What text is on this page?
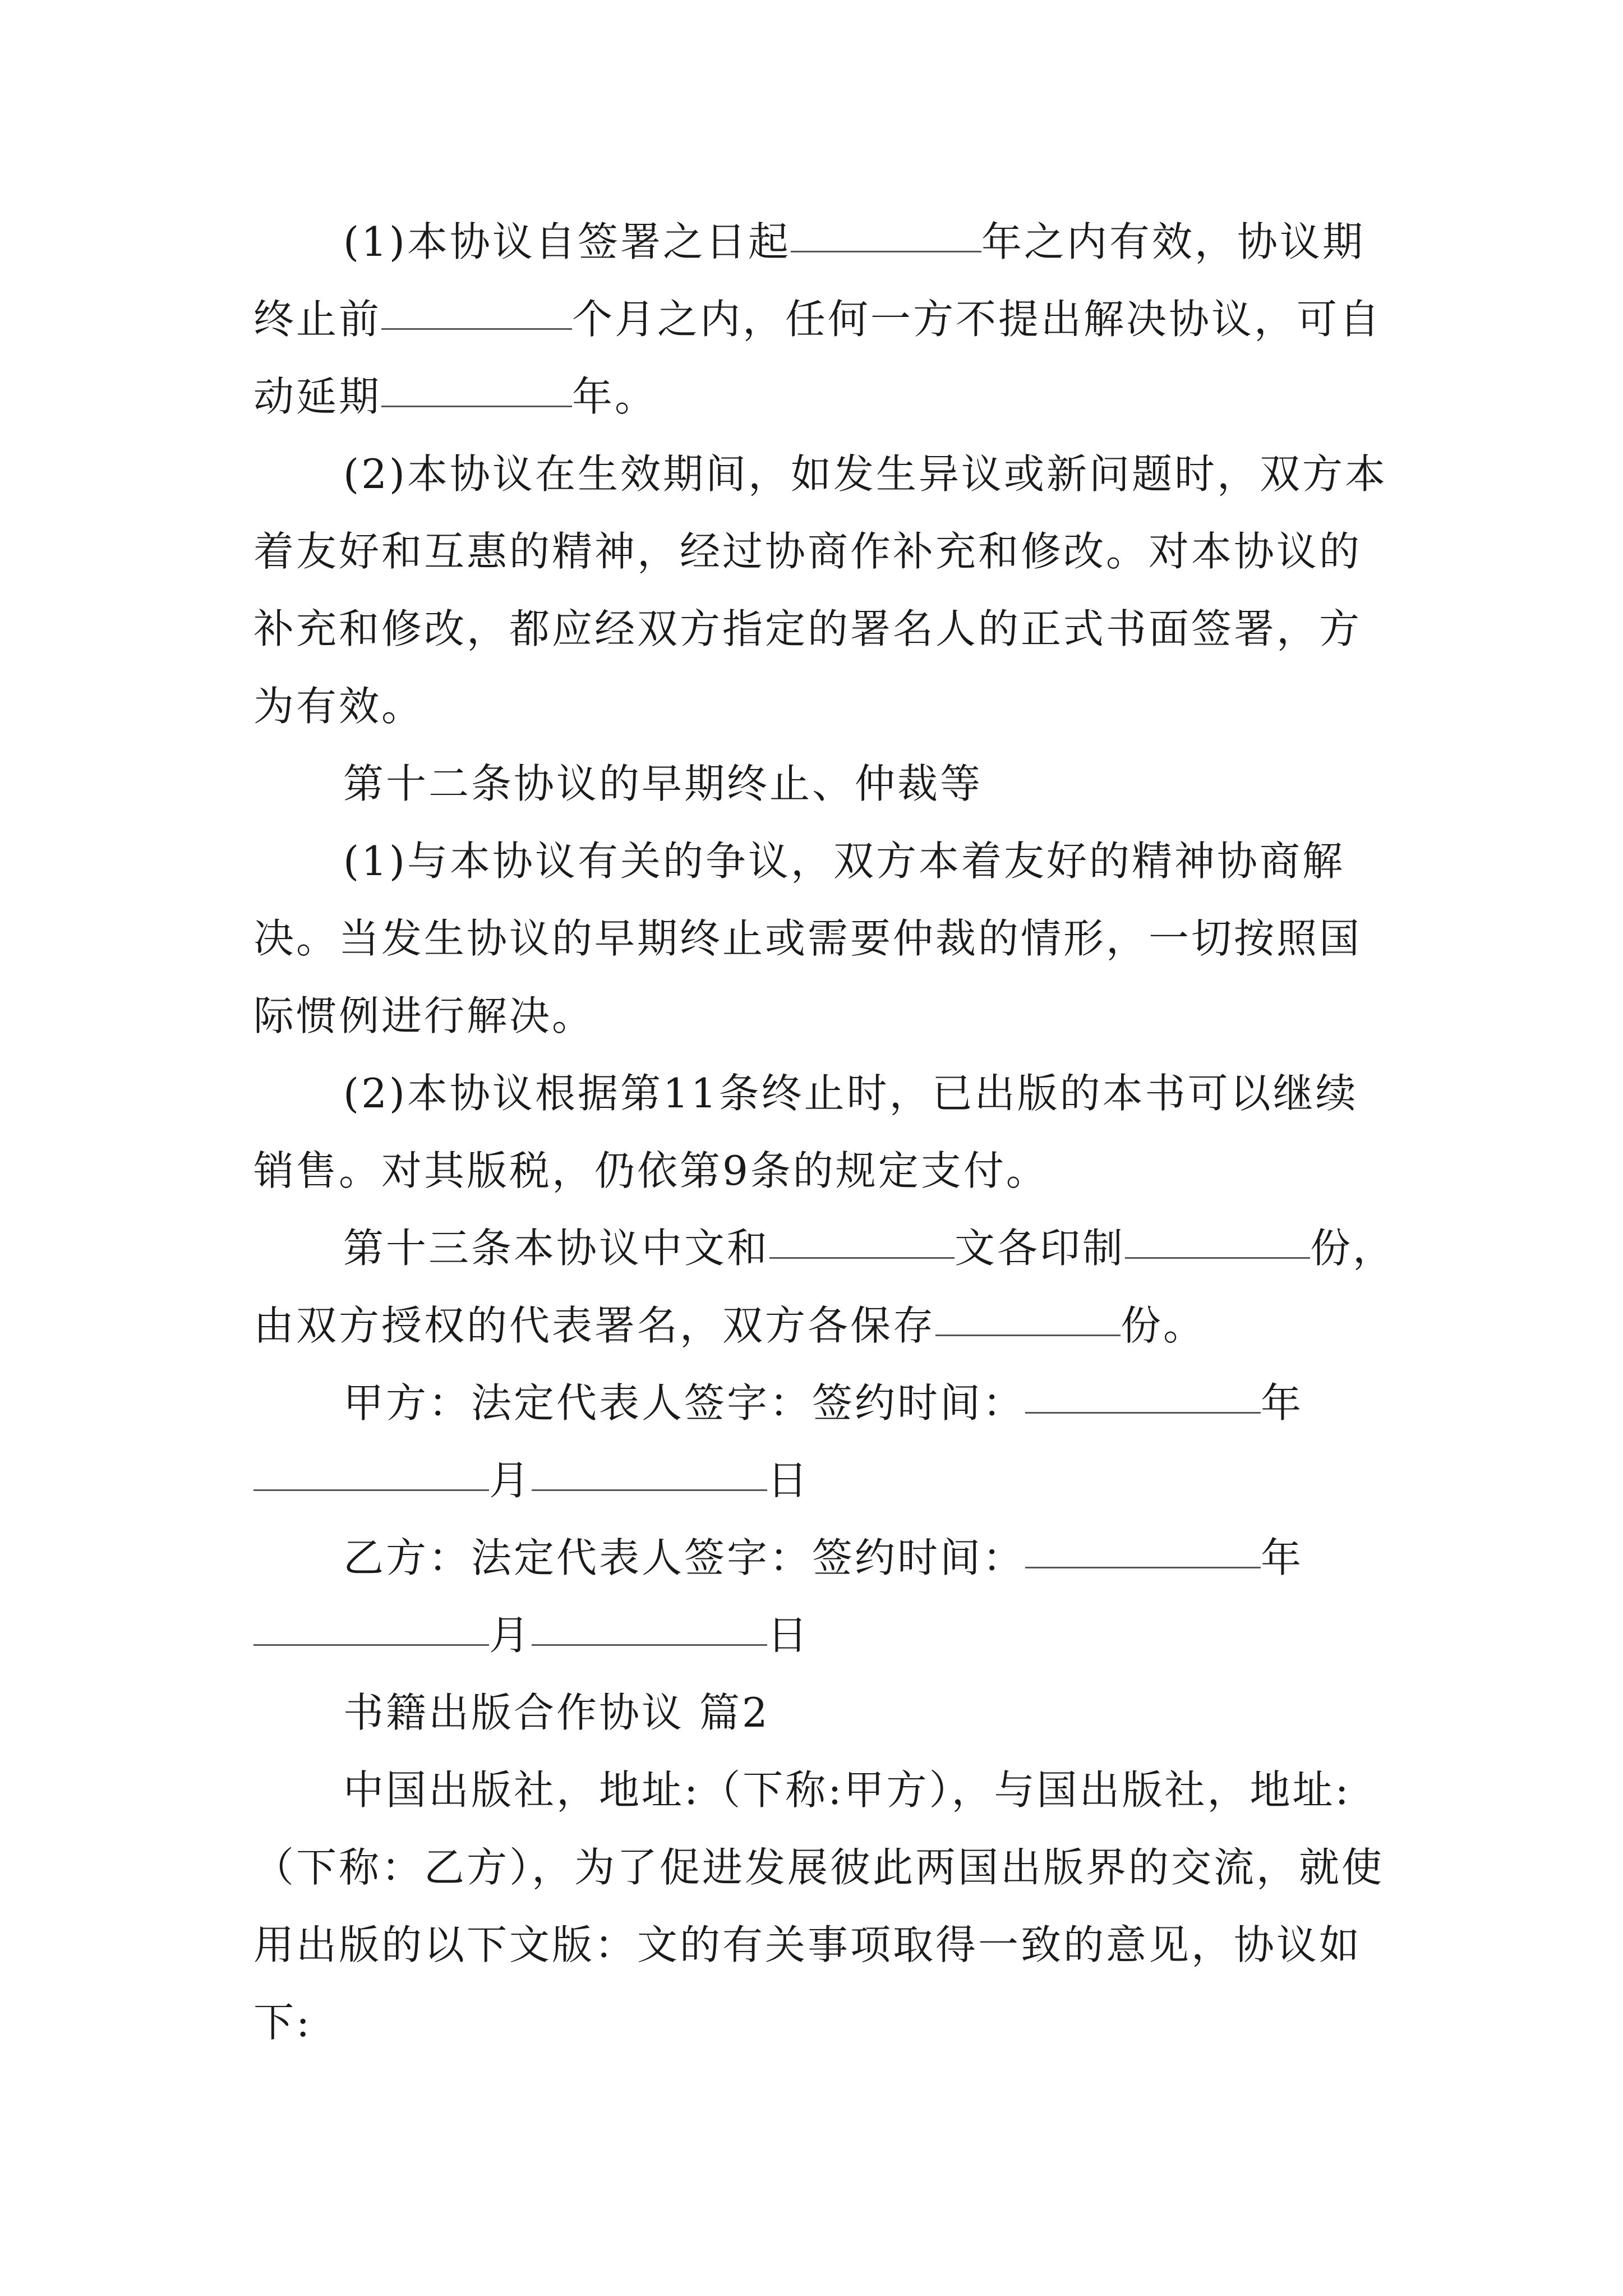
(1)本协议自签署之日起	年之内有效，协议期终止前	个月之内，任何一方不提出解决协议，可自动延期	年。

(2)本协议在生效期间，如发生异议或新问题时，双方本着友好和互惠的精神，经过协商作补充和修改。对本协议的补充和修改，都应经双方指定的署名人的正式书面签署，方为有效。

第十二条协议的早期终止、仲裁等

(1)与本协议有关的争议，双方本着友好的精神协商解决。当发生协议的早期终止或需要仲裁的情形，一切按照国际惯例进行解决。

(2)本协议根据第11条终止时，已出版的本书可以继续销售。对其版税，仍依第9条的规定支付。

第十三条本协议中文和	文各印制	份，由双方授权的代表署名，双方各保存	份。

甲方：法定代表人签字：签约时间：	年月	日

乙方：法定代表人签字：签约时间：	年月	日

书籍出版合作协议 篇2

中国出版社，地址:（下称:甲方），与国出版社，地址:（下称：乙方），为了促进发展彼此两国出版界的交流，就使用出版的以下文版：文的有关事项取得一致的意见，协议如下:
